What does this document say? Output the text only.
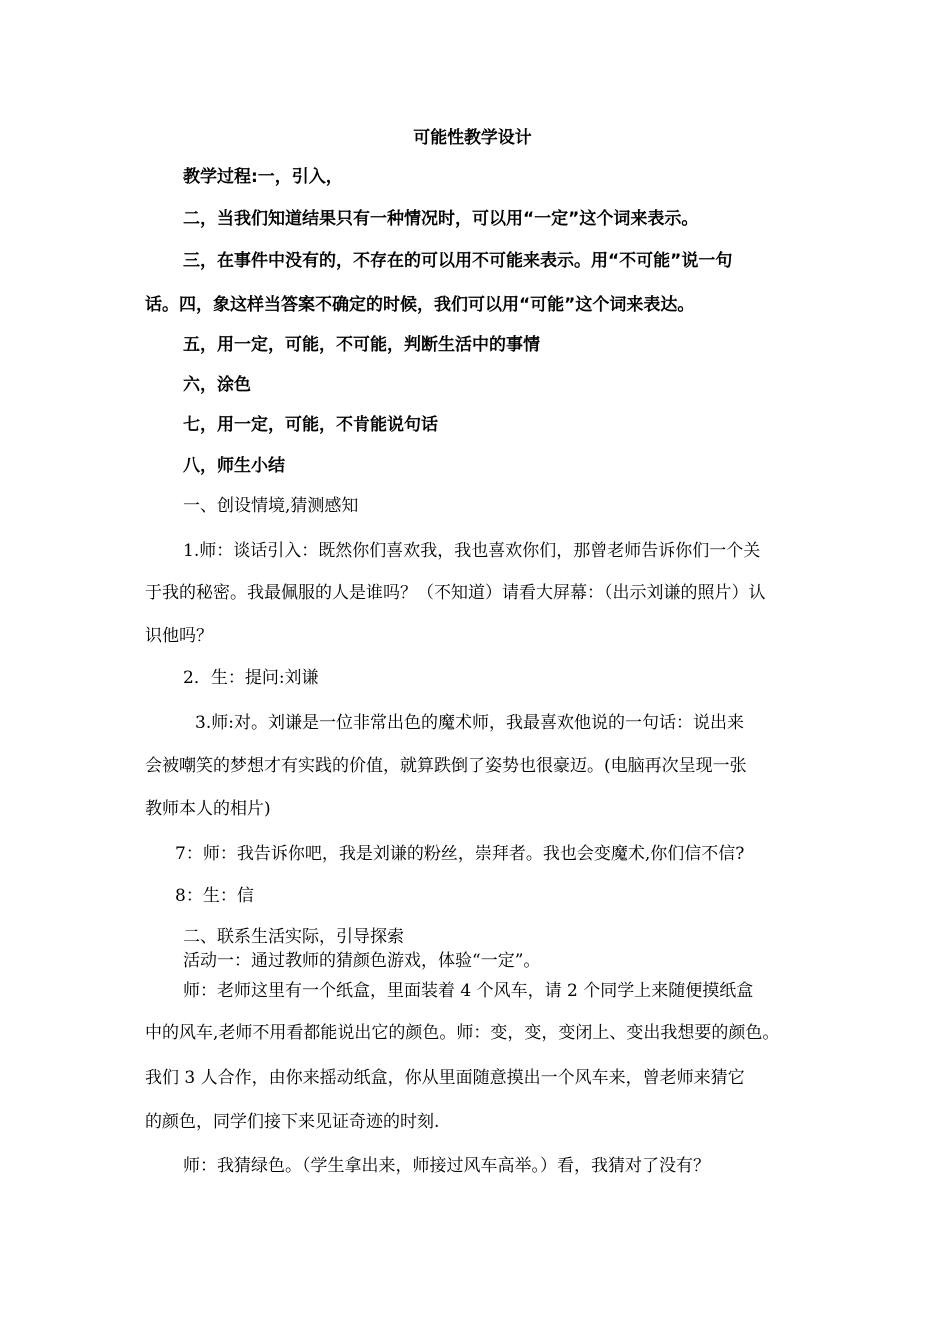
可能性教学设计
教学过程:一，引入，
二，当我们知道结果只有一种情况时，可以用“一定”这个词来表示。
三，在事件中没有的，不存在的可以用不可能来表示。用“不可能”说一句
话。四，象这样当答案不确定的时候，我们可以用“可能”这个词来表达。
五，用一定，可能，不可能，判断生活中的事情
六，涂色
七，用一定，可能，不肯能说句话
八，师生小结
一、创设情境,猜测感知
1.师：谈话引入：既然你们喜欢我，我也喜欢你们，那曾老师告诉你们一个关
于我的秘密。我最佩服的人是谁吗？（不知道）请看大屏幕：（出示刘谦的照片）认
识他吗？
2．生：提问:刘谦
3.师:对。刘谦是一位非常出色的魔术师，我最喜欢他说的一句话：说出来
会被嘲笑的梦想才有实践的价值，就算跌倒了姿势也很豪迈。(电脑再次呈现一张
教师本人的相片)
7：师：我告诉你吧，我是刘谦的粉丝，崇拜者。我也会变魔术,你们信不信?
8：生：信
二、联系生活实际，引导探索
活动一：通过教师的猜颜色游戏，体验“一定”。
师：老师这里有一个纸盒，里面装着 4 个风车，请 2 个同学上来随便摸纸盒
中的风车,老师不用看都能说出它的颜色。师：变，变，变闭上、变出我想要的颜色。
我们 3 人合作，由你来摇动纸盒，你从里面随意摸出一个风车来，曾老师来猜它
的颜色，同学们接下来见证奇迹的时刻.
师：我猜绿色。（学生拿出来，师接过风车高举。）看，我猜对了没有？
